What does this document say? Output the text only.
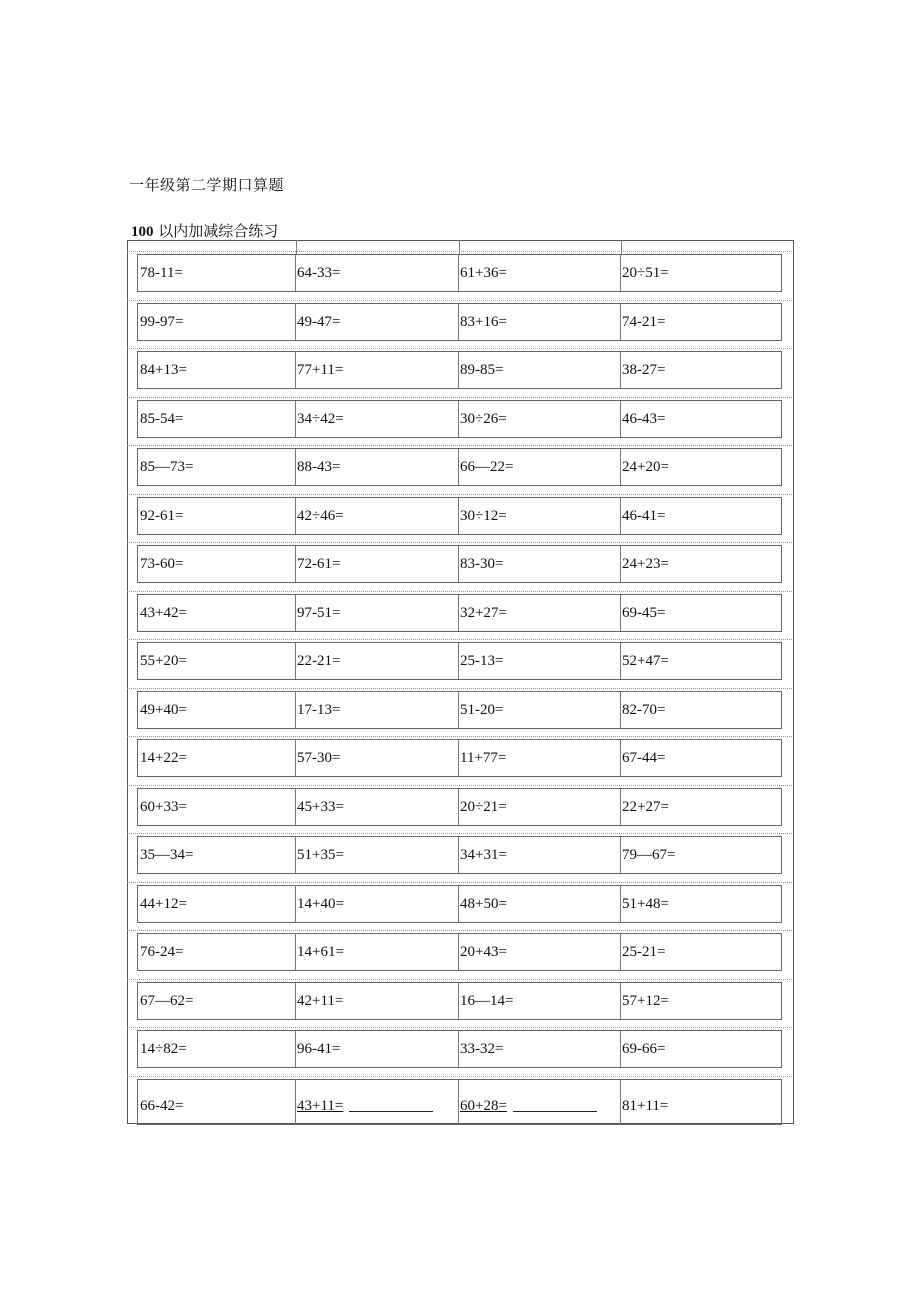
一年级第二学期口算题
100 以内加减综合练习
78-11=	64-33=	61+36=	20÷51=
99-97=	49-47=	83+16=	74-21=
84+13=	77+11=	89-85=	38-27=
85-54=	34÷42=	30÷26=	46-43=
85—73=	88-43=	66—22=	24+20=
92-61=	42÷46=	30÷12=	46-41=
73-60=	72-61=	83-30=	24+23=
43+42=	97-51=	32+27=	69-45=
55+20=	22-21=	25-13=	52+47=
49+40=	17-13=	51-20=	82-70=
14+22=	57-30=	11+77=	67-44=
60+33=	45+33=	20÷21=	22+27=
35—34=	51+35=	34+31=	79—67=
44+12=	14+40=	48+50=	51+48=
76-24=	14+61=	20+43=	25-21=
67—62=	42+11=	16—14=	57+12=
14÷82=	96-41=	33-32=	69-66=
66-42=	43+11=	60+28=	81+11=
